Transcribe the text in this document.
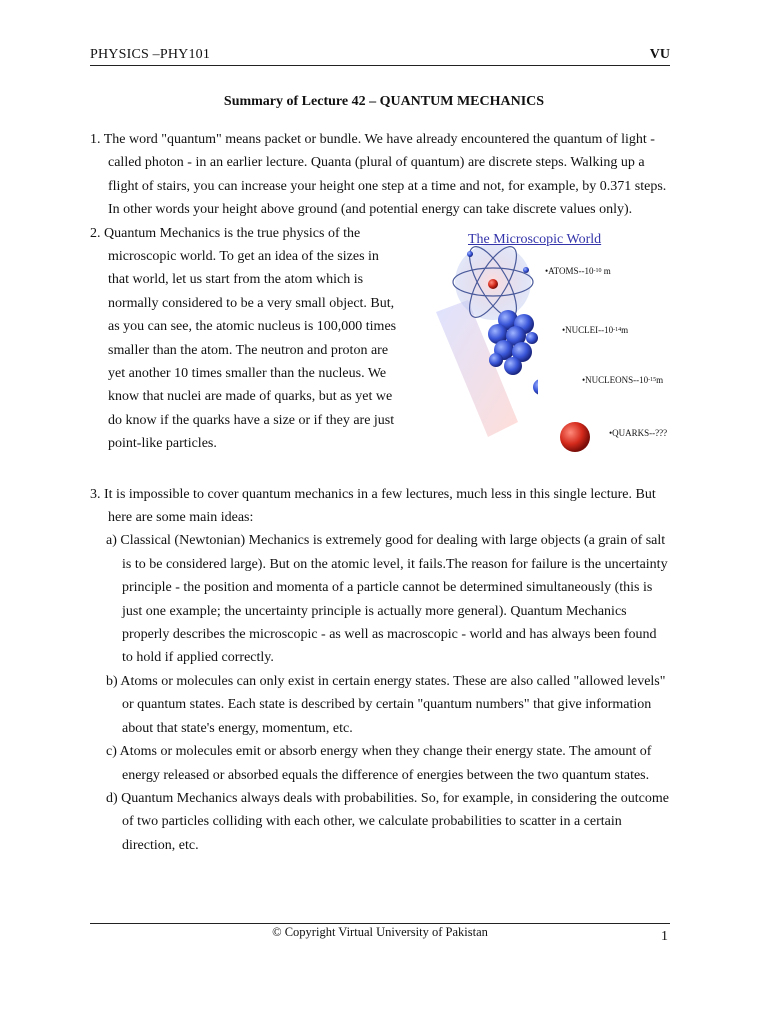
PHYSICS –PHY101	VU
Summary of Lecture 42 – QUANTUM MECHANICS

1. The word "quantum" means packet or bundle. We have already encountered the quantum of light - called photon - in an earlier lecture. Quanta (plural of quantum) are discrete steps. Walking up a flight of stairs, you can increase your height one step at a time and not, for example, by 0.371 steps. In other words your height above ground (and potential energy can take discrete values only).

2. Quantum Mechanics is the true physics of the microscopic world. To get an idea of the sizes in that world, let us start from the atom which is normally considered to be a very small object. But, as you can see, the atomic nucleus is 100,000 times smaller than the atom. The neutron and proton are yet another 10 times smaller than the nucleus. We know that nuclei are made of quarks, but as yet we do know if the quarks have a size or if they are just point-like particles.

The Microscopic World
$•ATOMS--10^{-10}$ m
$•NUCLEI--10^{-14}m$
$•NUCLEONS--10^{-15}m$
•QUARKS--???

3. It is impossible to cover quantum mechanics in a few lectures, much less in this single lecture. But here are some main ideas:

a) Classical (Newtonian) Mechanics is extremely good for dealing with large objects (a grain of salt is to be considered large). But on the atomic level, it fails.The reason for failure is the uncertainty principle - the position and momenta of a particle cannot be determined simultaneously (this is just one example; the uncertainty principle is actually more general). Quantum Mechanics properly describes the microscopic - as well as macroscopic - world and has always been found to hold if applied correctly.

b) Atoms or molecules can only exist in certain energy states. These are also called "allowed levels" or quantum states. Each state is described by certain "quantum numbers" that give information about that state's energy, momentum, etc.

c) Atoms or molecules emit or absorb energy when they change their energy state. The amount of energy released or absorbed equals the difference of energies between the two quantum states.

d) Quantum Mechanics always deals with probabilities. So, for example, in considering the outcome of two particles colliding with each other, we calculate probabilities to scatter in a certain direction, etc.

© Copyright Virtual University of Pakistan	1
